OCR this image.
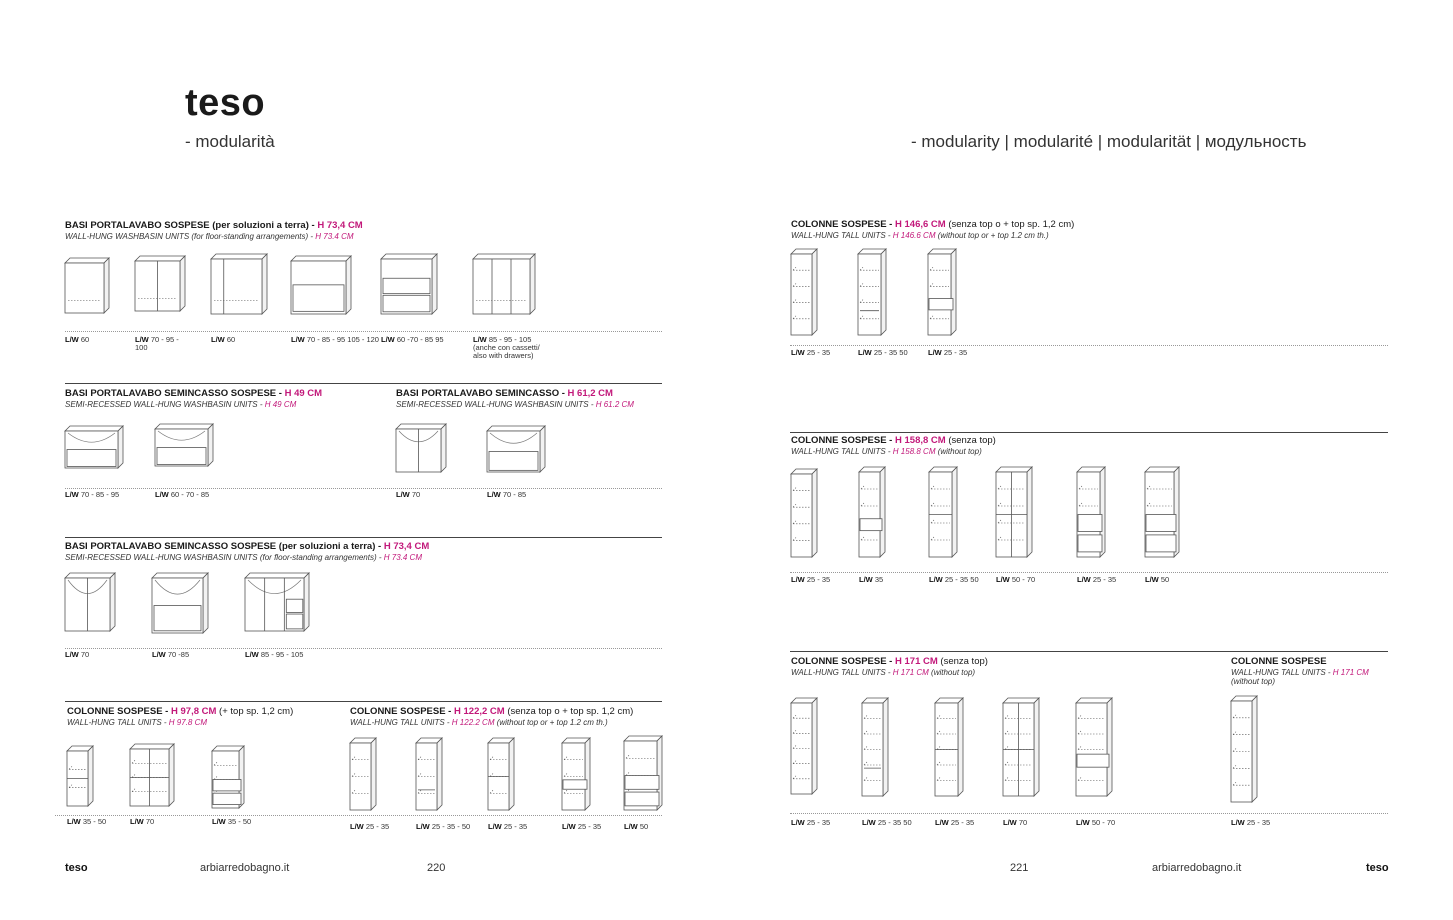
teso
- modularità	- modularity | modularité | modularität | модульность
BASI PORTALAVABO SOSPESE (per soluzioni a terra) - H 73,4 CM
WALL-HUNG WASHBASIN UNITS (for floor-standing arrangements) - H 73.4 CM
L/W 60	L/W 70 - 95 - 100
L/W 60	L/W 70 - 85 - 95 105 - 120 L/W 60 -70 - 85 95	L/W 85 - 95 - 105 (anche con cassetti/ also with drawers)
BASI PORTALAVABO SEMINCASSO SOSPESE - H 49 CM
SEMI-RECESSED WALL-HUNG WASHBASIN UNITS - H 49 CM
L/W 70 - 85 - 95	L/W 60 - 70 - 85
BASI PORTALAVABO SEMINCASSO - H 61,2 CM
SEMI-RECESSED WALL-HUNG WASHBASIN UNITS - H 61.2 CM
L/W 70	L/W 70 - 85
BASI PORTALAVABO SEMINCASSO SOSPESE (per soluzioni a terra) - H 73,4 CM
SEMI-RECESSED WALL-HUNG WASHBASIN UNITS (for floor-standing arrangements) - H 73.4 CM
L/W 70	L/W 70 -85	L/W 85 - 95 - 105
COLONNE SOSPESE - H 97,8 CM (+ top sp. 1,2 cm)
WALL-HUNG TALL UNITS - H 97.8 CM
L/W 35 - 50	L/W 70	L/W 35 - 50
COLONNE SOSPESE - H 122,2 CM (senza top o + top sp. 1,2 cm)
WALL-HUNG TALL UNITS - H 122.2 CM (without top or + top 1.2 cm th.)
L/W 25 - 35	L/W 25 - 35 - 50	L/W 25 - 35	L/W 25 - 35	L/W 50
COLONNE SOSPESE - H 146,6 CM (senza top o + top sp. 1,2 cm)
WALL-HUNG TALL UNITS - H 146.6 CM (without top or + top 1.2 cm th.)
L/W 25 - 35	L/W 25 - 35 50	L/W 25 - 35
COLONNE SOSPESE - H 158,8 CM (senza top)
WALL-HUNG TALL UNITS - H 158.8 CM (without top)
L/W 25 - 35	L/W 35	L/W 25 - 35 50	L/W 50 - 70	L/W 25 - 35	L/W 50
COLONNE SOSPESE - H 171 CM (senza top)
WALL-HUNG TALL UNITS - H 171 CM (without top)
L/W 25 - 35	L/W 25 - 35 50	L/W 25 - 35	L/W 70	L/W 50 - 70
COLONNE SOSPESE
WALL-HUNG TALL UNITS - H 171 CM
(without top)
L/W 25 - 35
teso	arbiarredobagno.it	220	221	arbiarredobagno.it	teso
